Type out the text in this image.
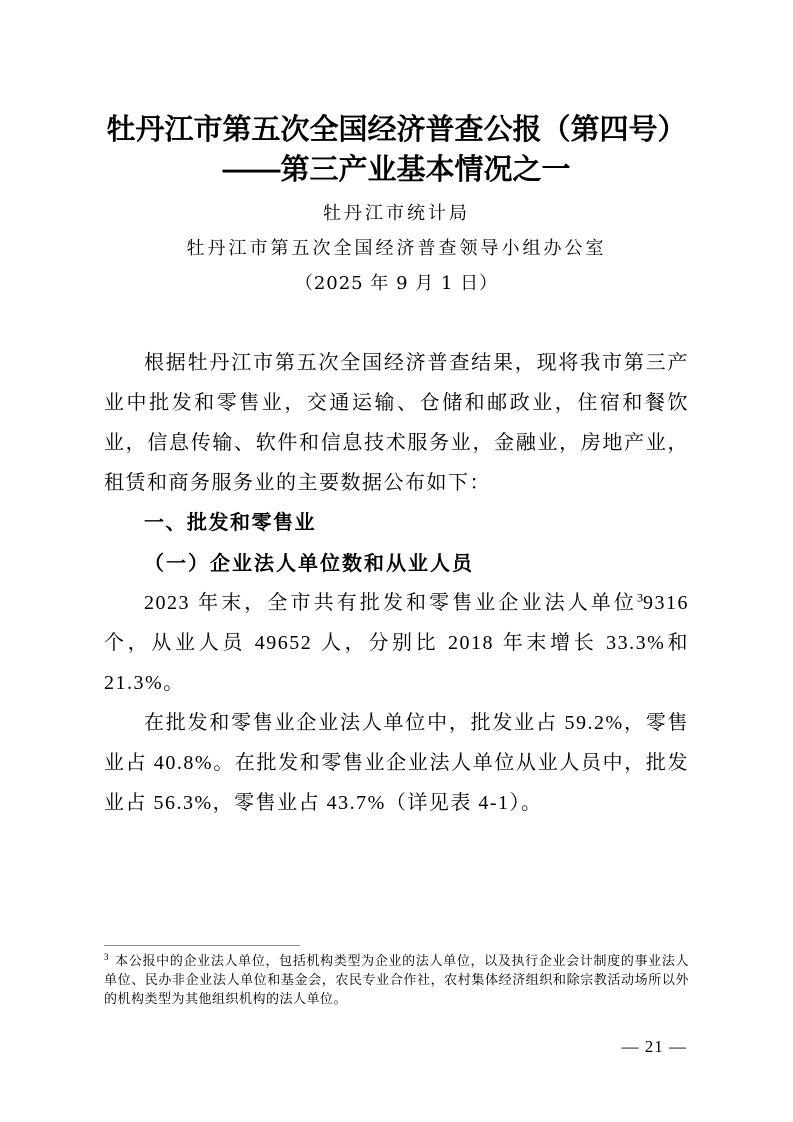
牡丹江市第五次全国经济普查公报（第四号）
——第三产业基本情况之一
牡丹江市统计局
牡丹江市第五次全国经济普查领导小组办公室
（2025 年 9 月 1 日）

根据牡丹江市第五次全国经济普查结果，现将我市第三产业中批发和零售业，交通运输、仓储和邮政业，住宿和餐饮业，信息传输、软件和信息技术服务业，金融业，房地产业，租赁和商务服务业的主要数据公布如下：

一、批发和零售业

（一）企业法人单位数和从业人员

2023 年末，全市共有批发和零售业企业法人单位$^3$9316 个，从业人员 49652 人，分别比 2018 年末增长 33.3%和 21.3%。

在批发和零售业企业法人单位中，批发业占 59.2%，零售业占 40.8%。在批发和零售业企业法人单位从业人员中，批发业占 56.3%，零售业占 43.7%（详见表 4-1）。

$^3$ 本公报中的企业法人单位，包括机构类型为企业的法人单位，以及执行企业会计制度的事业法人单位、民办非企业法人单位和基金会，农民专业合作社，农村集体经济组织和除宗教活动场所以外的机构类型为其他组织机构的法人单位。

— 21 —
